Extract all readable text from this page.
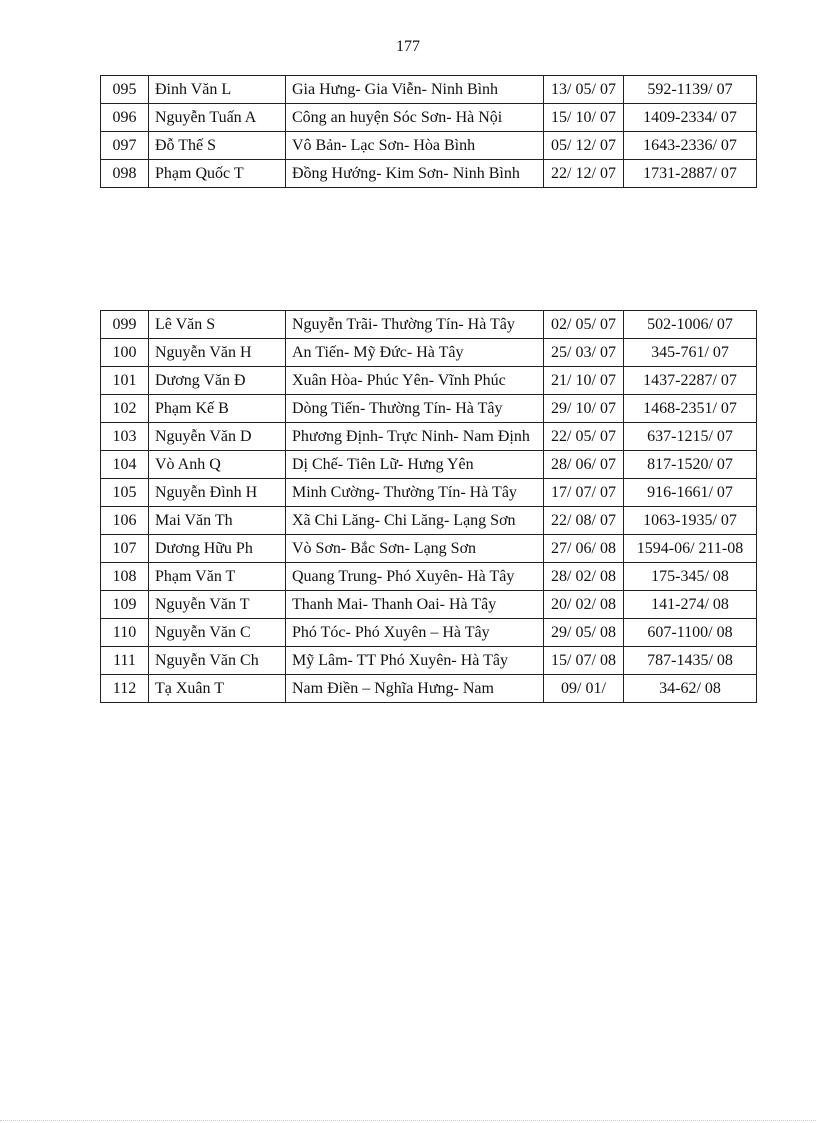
177
095	Đinh Văn L	Gia Hưng- Gia Viễn- Ninh Bình	13/ 05/ 07	592-1139/ 07
096	Nguyễn Tuấn A	Công an huyện Sóc Sơn- Hà Nội	15/ 10/ 07	1409-2334/ 07
097	Đỗ Thế S	Vô Bản- Lạc Sơn- Hòa Bình	05/ 12/ 07	1643-2336/ 07
098	Phạm Quốc T	Đồng Hướng- Kim Sơn- Ninh Bình	22/ 12/ 07	1731-2887/ 07
099	Lê Văn S	Nguyễn Trãi- Thường Tín- Hà Tây	02/ 05/ 07	502-1006/ 07
100	Nguyễn Văn H	An Tiến- Mỹ Đức- Hà Tây	25/ 03/ 07	345-761/ 07
101	Dương Văn Đ	Xuân Hòa- Phúc Yên- Vĩnh Phúc	21/ 10/ 07	1437-2287/ 07
102	Phạm Kế B	Dòng Tiến- Thường Tín- Hà Tây	29/ 10/ 07	1468-2351/ 07
103	Nguyễn Văn D	Phương Định- Trực Ninh- Nam Định	22/ 05/ 07	637-1215/ 07
104	Vò Anh Q	Dị Chế- Tiên Lữ- Hưng Yên	28/ 06/ 07	817-1520/ 07
105	Nguyễn Đình H	Minh Cường- Thường Tín- Hà Tây	17/ 07/ 07	916-1661/ 07
106	Mai Văn Th	Xã Chi Lăng- Chi Lăng- Lạng Sơn	22/ 08/ 07	1063-1935/ 07
107	Dương Hữu Ph	Vò Sơn- Bắc Sơn- Lạng Sơn	27/ 06/ 08	1594-06/ 211-08
108	Phạm Văn T	Quang Trung- Phó Xuyên- Hà Tây	28/ 02/ 08	175-345/ 08
109	Nguyễn Văn T	Thanh Mai- Thanh Oai- Hà Tây	20/ 02/ 08	141-274/ 08
110	Nguyễn Văn C	Phó Tóc- Phó Xuyên – Hà Tây	29/ 05/ 08	607-1100/ 08
111	Nguyễn Văn Ch	Mỹ Lâm- TT Phó Xuyên- Hà Tây	15/ 07/ 08	787-1435/ 08
112	Tạ Xuân T	Nam Điền – Nghĩa Hưng- Nam	09/ 01/	34-62/ 08
